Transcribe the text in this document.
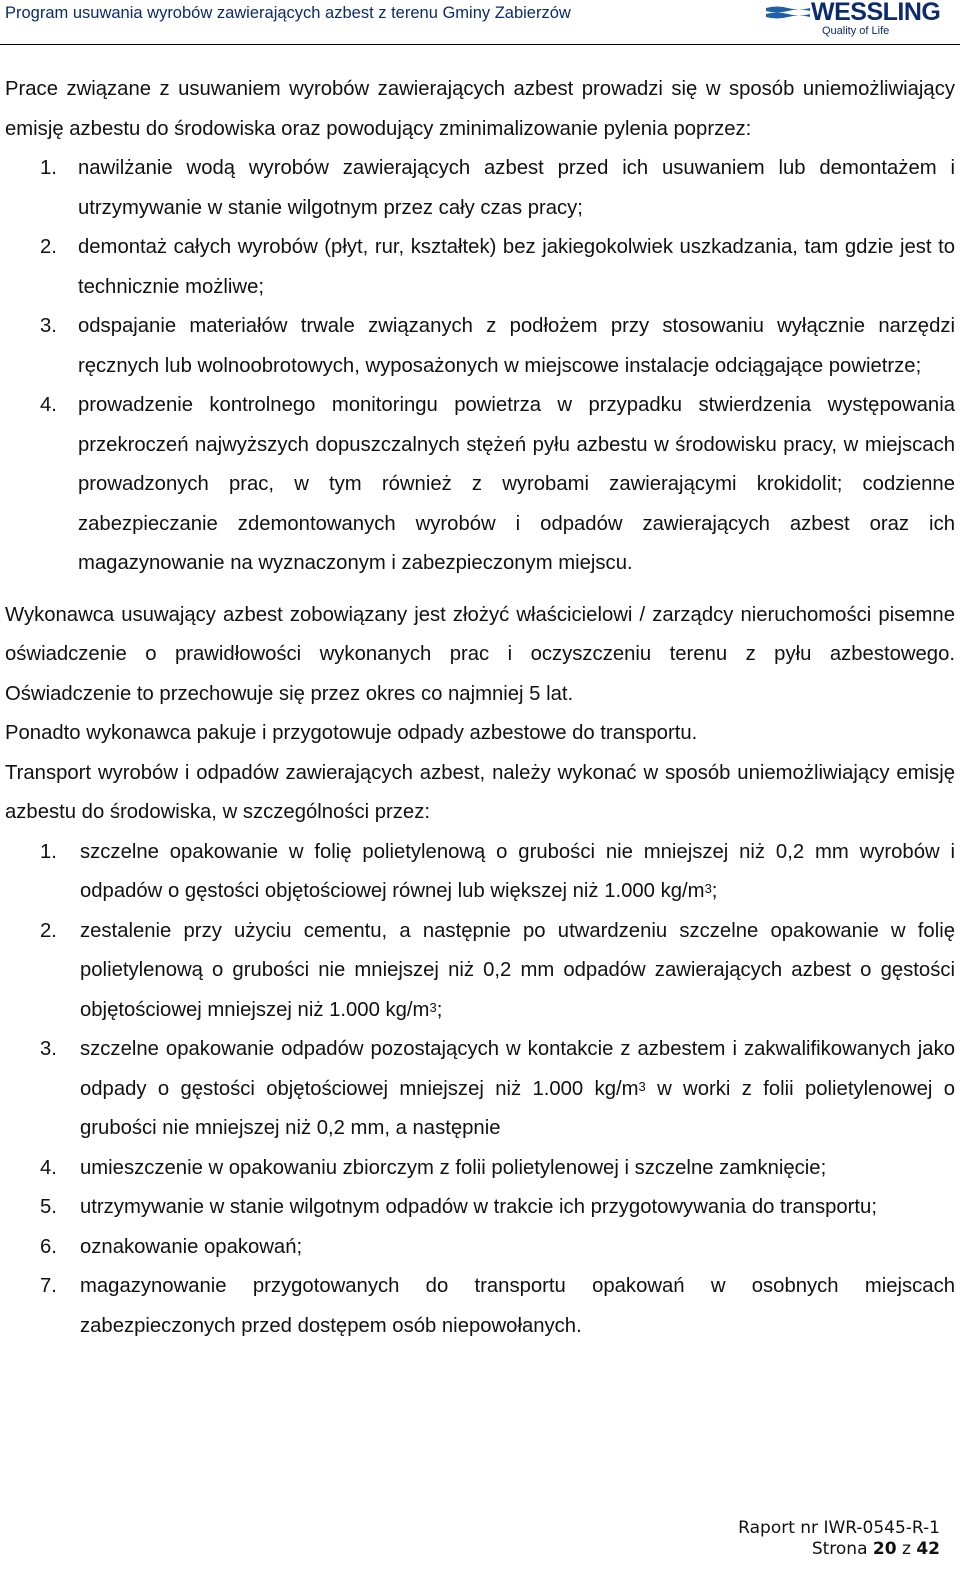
Program usuwania wyrobów zawierających azbest z terenu Gminy Zabierzów	WESSLING
Quality of Life

Prace związane z usuwaniem wyrobów zawierających azbest prowadzi się w sposób uniemożliwiający emisję azbestu do środowiska oraz powodujący zminimalizowanie pylenia poprzez:

1. nawilżanie wodą wyrobów zawierających azbest przed ich usuwaniem lub demontażem i utrzymywanie w stanie wilgotnym przez cały czas pracy;
2. demontaż całych wyrobów (płyt, rur, kształtek) bez jakiegokolwiek uszkadzania, tam gdzie jest to technicznie możliwe;
3. odspajanie materiałów trwale związanych z podłożem przy stosowaniu wyłącznie narzędzi ręcznych lub wolnoobrotowych, wyposażonych w miejscowe instalacje odciągające powietrze;
4. prowadzenie kontrolnego monitoringu powietrza w przypadku stwierdzenia występowania przekroczeń najwyższych dopuszczalnych stężeń pyłu azbestu w środowisku pracy, w miejscach prowadzonych prac, w tym również z wyrobami zawierającymi krokidolit; codzienne zabezpieczanie zdemontowanych wyrobów i odpadów zawierających azbest oraz ich magazynowanie na wyznaczonym i zabezpieczonym miejscu.

Wykonawca usuwający azbest zobowiązany jest złożyć właścicielowi / zarządcy nieruchomości pisemne oświadczenie o prawidłowości wykonanych prac i oczyszczeniu terenu z pyłu azbestowego. Oświadczenie to przechowuje się przez okres co najmniej 5 lat.

Ponadto wykonawca pakuje i przygotowuje odpady azbestowe do transportu.

Transport wyrobów i odpadów zawierających azbest, należy wykonać w sposób uniemożliwiający emisję azbestu do środowiska, w szczególności przez:

1. szczelne opakowanie w folię polietylenową o grubości nie mniejszej niż 0,2 mm wyrobów i odpadów o gęstości objętościowej równej lub większej niż 1.000 $kg/m^3$;
2. zestalenie przy użyciu cementu, a następnie po utwardzeniu szczelne opakowanie w folię polietylenową o grubości nie mniejszej niż 0,2 mm odpadów zawierających azbest o gęstości objętościowej mniejszej niż 1.000 $kg/m^3$;
3. szczelne opakowanie odpadów pozostających w kontakcie z azbestem i zakwalifikowanych jako odpady o gęstości objętościowej mniejszej niż 1.000 $kg/m^3$ w worki z folii polietylenowej o grubości nie mniejszej niż 0,2 mm, a następnie
4. umieszczenie w opakowaniu zbiorczym z folii polietylenowej i szczelne zamknięcie;
5. utrzymywanie w stanie wilgotnym odpadów w trakcie ich przygotowywania do transportu;
6. oznakowanie opakowań;
7. magazynowanie przygotowanych do transportu opakowań w osobnych miejscach zabezpieczonych przed dostępem osób niepowołanych.
Raport nr IWR-0545-R-1
Strona 20 z 42
